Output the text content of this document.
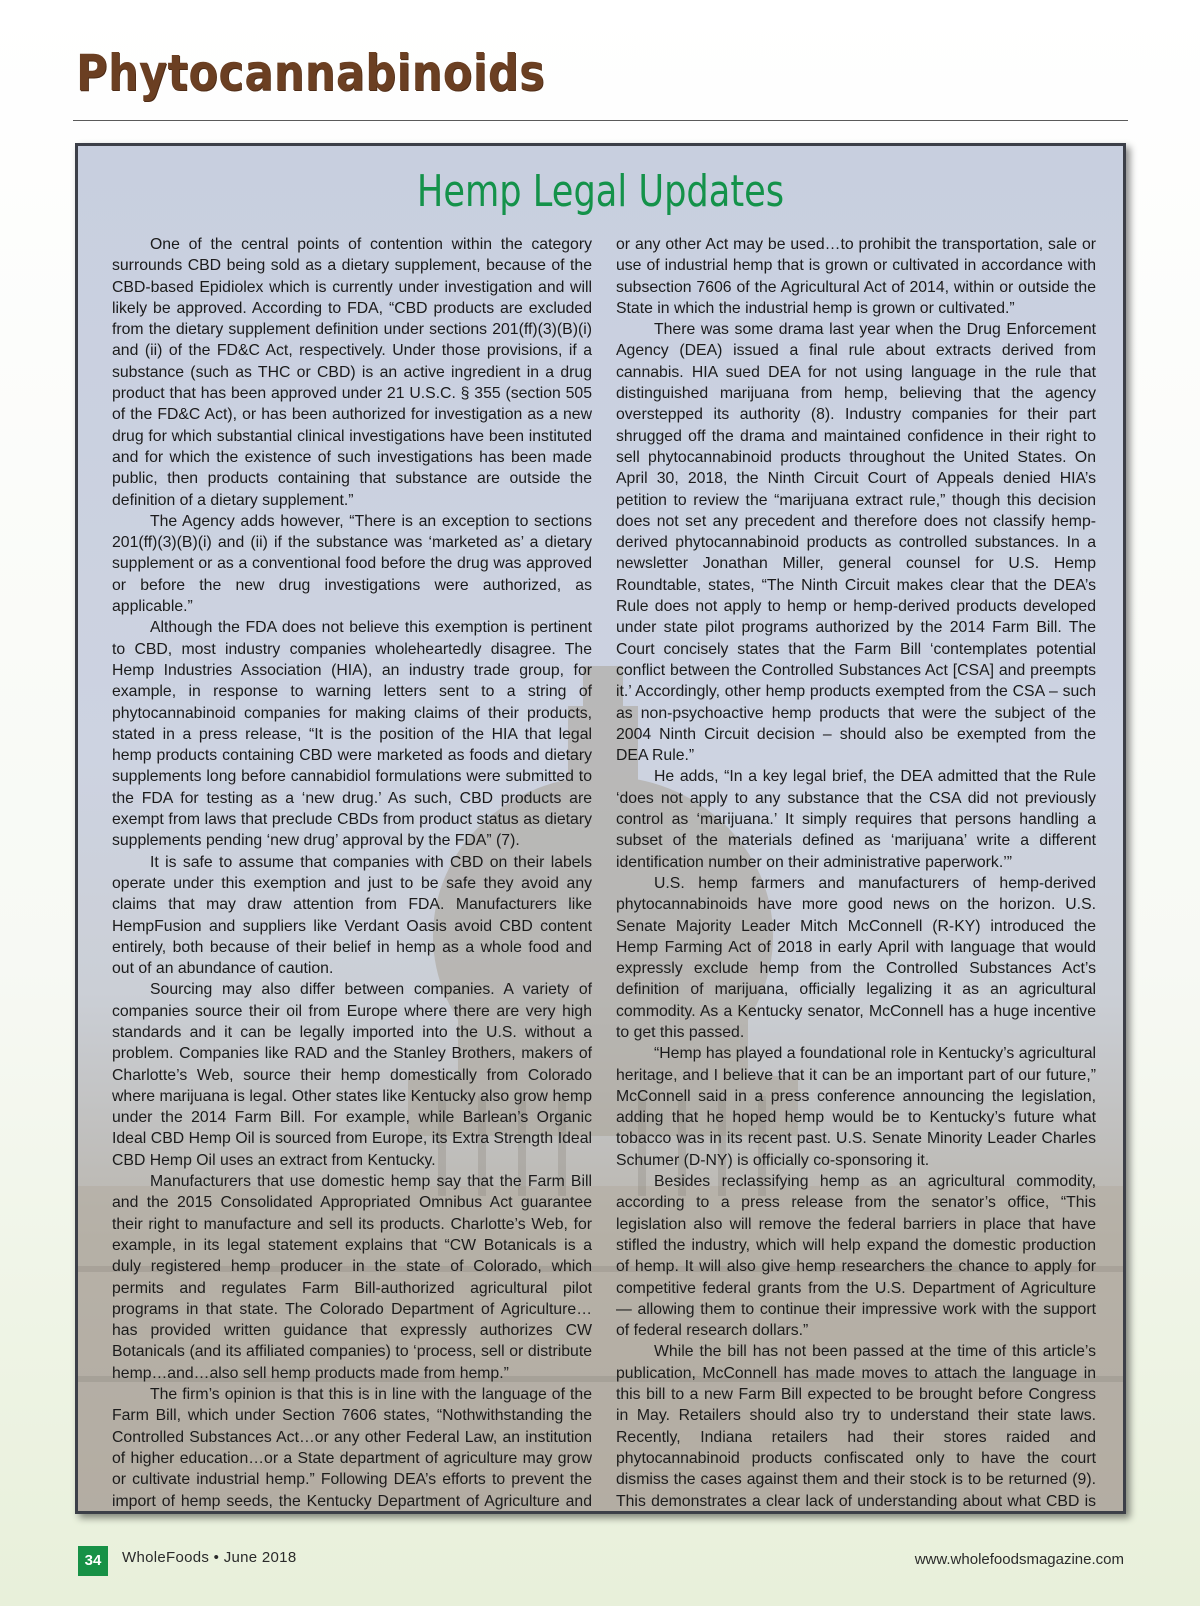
Phytocannabinoids
Hemp Legal Updates

One of the central points of contention within the category surrounds CBD being sold as a dietary supplement, because of the CBD-based Epidiolex which is currently under investigation and will likely be approved. According to FDA, “CBD products are excluded from the dietary supplement definition under sections 201(ff)(3)(B)(i) and (ii) of the FD&C Act, respectively. Under those provisions, if a substance (such as THC or CBD) is an active ingredient in a drug product that has been approved under 21 U.S.C. § 355 (section 505 of the FD&C Act), or has been authorized for investigation as a new drug for which substantial clinical investigations have been instituted and for which the existence of such investigations has been made public, then products containing that substance are outside the definition of a dietary supplement.”

The Agency adds however, “There is an exception to sections 201(ff)(3)(B)(i) and (ii) if the substance was ‘marketed as’ a dietary supplement or as a conventional food before the drug was approved or before the new drug investigations were authorized, as applicable.”

Although the FDA does not believe this exemption is pertinent to CBD, most industry companies wholeheartedly disagree. The Hemp Industries Association (HIA), an industry trade group, for example, in response to warning letters sent to a string of phytocannabinoid companies for making claims of their products, stated in a press release, “It is the position of the HIA that legal hemp products containing CBD were marketed as foods and dietary supplements long before cannabidiol formulations were submitted to the FDA for testing as a ‘new drug.’ As such, CBD products are exempt from laws that preclude CBDs from product status as dietary supplements pending ‘new drug’ approval by the FDA” (7).

It is safe to assume that companies with CBD on their labels operate under this exemption and just to be safe they avoid any claims that may draw attention from FDA. Manufacturers like HempFusion and suppliers like Verdant Oasis avoid CBD content entirely, both because of their belief in hemp as a whole food and out of an abundance of caution.

Sourcing may also differ between companies. A variety of companies source their oil from Europe where there are very high standards and it can be legally imported into the U.S. without a problem. Companies like RAD and the Stanley Brothers, makers of Charlotte’s Web, source their hemp domestically from Colorado where marijuana is legal. Other states like Kentucky also grow hemp under the 2014 Farm Bill. For example, while Barlean’s Organic Ideal CBD Hemp Oil is sourced from Europe, its Extra Strength Ideal CBD Hemp Oil uses an extract from Kentucky.

Manufacturers that use domestic hemp say that the Farm Bill and the 2015 Consolidated Appropriated Omnibus Act guarantee their right to manufacture and sell its products. Charlotte’s Web, for example, in its legal statement explains that “CW Botanicals is a duly registered hemp producer in the state of Colorado, which permits and regulates Farm Bill-authorized agricultural pilot programs in that state. The Colorado Department of Agriculture…has provided written guidance that expressly authorizes CW Botanicals (and its affiliated companies) to ‘process, sell or distribute hemp…and…also sell hemp products made from hemp.”

The firm’s opinion is that this is in line with the language of the Farm Bill, which under Section 7606 states, “Nothwithstanding the Controlled Substances Act…or any other Federal Law, an institution of higher education…or a State department of agriculture may grow or cultivate industrial hemp.” Following DEA’s efforts to prevent the import of hemp seeds, the Kentucky Department of Agriculture and

or any other Act may be used…to prohibit the transportation, sale or use of industrial hemp that is grown or cultivated in accordance with subsection 7606 of the Agricultural Act of 2014, within or outside the State in which the industrial hemp is grown or cultivated.”

There was some drama last year when the Drug Enforcement Agency (DEA) issued a final rule about extracts derived from cannabis. HIA sued DEA for not using language in the rule that distinguished marijuana from hemp, believing that the agency overstepped its authority (8). Industry companies for their part shrugged off the drama and maintained confidence in their right to sell phytocannabinoid products throughout the United States. On April 30, 2018, the Ninth Circuit Court of Appeals denied HIA’s petition to review the “marijuana extract rule,” though this decision does not set any precedent and therefore does not classify hemp-derived phytocannabinoid products as controlled substances. In a newsletter Jonathan Miller, general counsel for U.S. Hemp Roundtable, states, “The Ninth Circuit makes clear that the DEA’s Rule does not apply to hemp or hemp-derived products developed under state pilot programs authorized by the 2014 Farm Bill. The Court concisely states that the Farm Bill ‘contemplates potential conflict between the Controlled Substances Act [CSA] and preempts it.’ Accordingly, other hemp products exempted from the CSA – such as non-psychoactive hemp products that were the subject of the 2004 Ninth Circuit decision – should also be exempted from the DEA Rule.”

He adds, “In a key legal brief, the DEA admitted that the Rule ‘does not apply to any substance that the CSA did not previously control as ‘marijuana.’ It simply requires that persons handling a subset of the materials defined as ‘marijuana’ write a different identification number on their administrative paperwork.’”

U.S. hemp farmers and manufacturers of hemp-derived phytocannabinoids have more good news on the horizon. U.S. Senate Majority Leader Mitch McConnell (R-KY) introduced the Hemp Farming Act of 2018 in early April with language that would expressly exclude hemp from the Controlled Substances Act’s definition of marijuana, officially legalizing it as an agricultural commodity. As a Kentucky senator, McConnell has a huge incentive to get this passed.

“Hemp has played a foundational role in Kentucky’s agricultural heritage, and I believe that it can be an important part of our future,” McConnell said in a press conference announcing the legislation, adding that he hoped hemp would be to Kentucky’s future what tobacco was in its recent past. U.S. Senate Minority Leader Charles Schumer (D-NY) is officially co-sponsoring it.

Besides reclassifying hemp as an agricultural commodity, according to a press release from the senator’s office, “This legislation also will remove the federal barriers in place that have stifled the industry, which will help expand the domestic production of hemp. It will also give hemp researchers the chance to apply for competitive federal grants from the U.S. Department of Agriculture — allowing them to continue their impressive work with the support of federal research dollars.”

While the bill has not been passed at the time of this article’s publication, McConnell has made moves to attach the language in this bill to a new Farm Bill expected to be brought before Congress in May. Retailers should also try to understand their state laws. Recently, Indiana retailers had their stores raided and phytocannabinoid products confiscated only to have the court dismiss the cases against them and their stock is to be returned (9). This demonstrates a clear lack of understanding about what CBD is

34	WholeFoods • June 2018	www.wholefoodsmagazine.com
